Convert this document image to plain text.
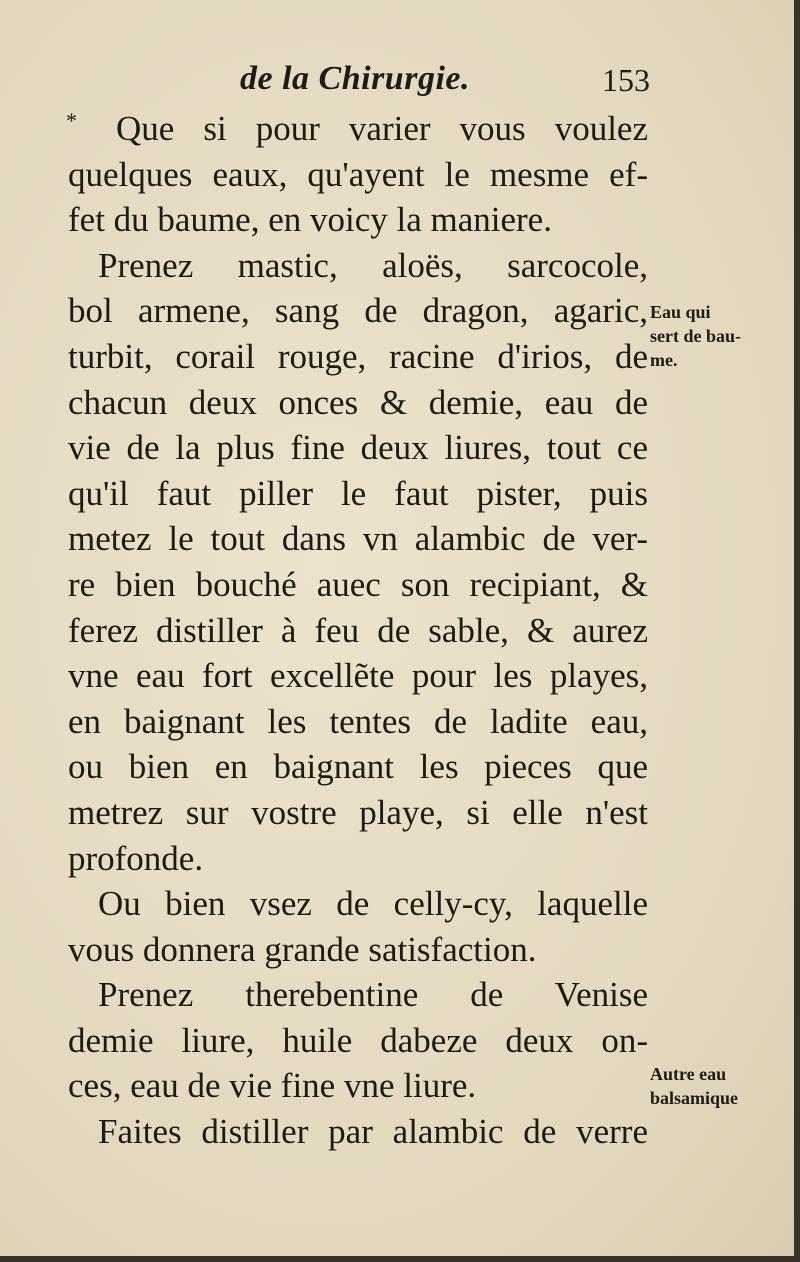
de la Chirurgie.	153
*	Que si pour varier vous voulez
quelques eaux, qu'ayent le mesme ef-
fet du baume, en voicy la maniere.
Prenez mastic, aloës, sarcocole,
bol armene, sang de dragon, agaric,
turbit, corail rouge, racine d'irios, de
chacun deux onces & demie, eau de
vie de la plus fine deux liures, tout ce
qu'il faut piller le faut pister, puis
metez le tout dans vn alambic de ver-
re bien bouché auec son recipiant, &
ferez distiller à feu de sable, & aurez
vne eau fort excellẽte pour les playes,
en baignant les tentes de ladite eau,
ou bien en baignant les pieces que
metrez sur vostre playe, si elle n'est
profonde.
Ou bien vsez de celly-cy, laquelle
vous donnera grande satisfaction.
Prenez therebentine de Venise
demie liure, huile dabeze deux on-
ces, eau de vie fine vne liure.
Faites distiller par alambic de verre
Eau qui
sert de bau-
me.
Autre eau
balsamique
